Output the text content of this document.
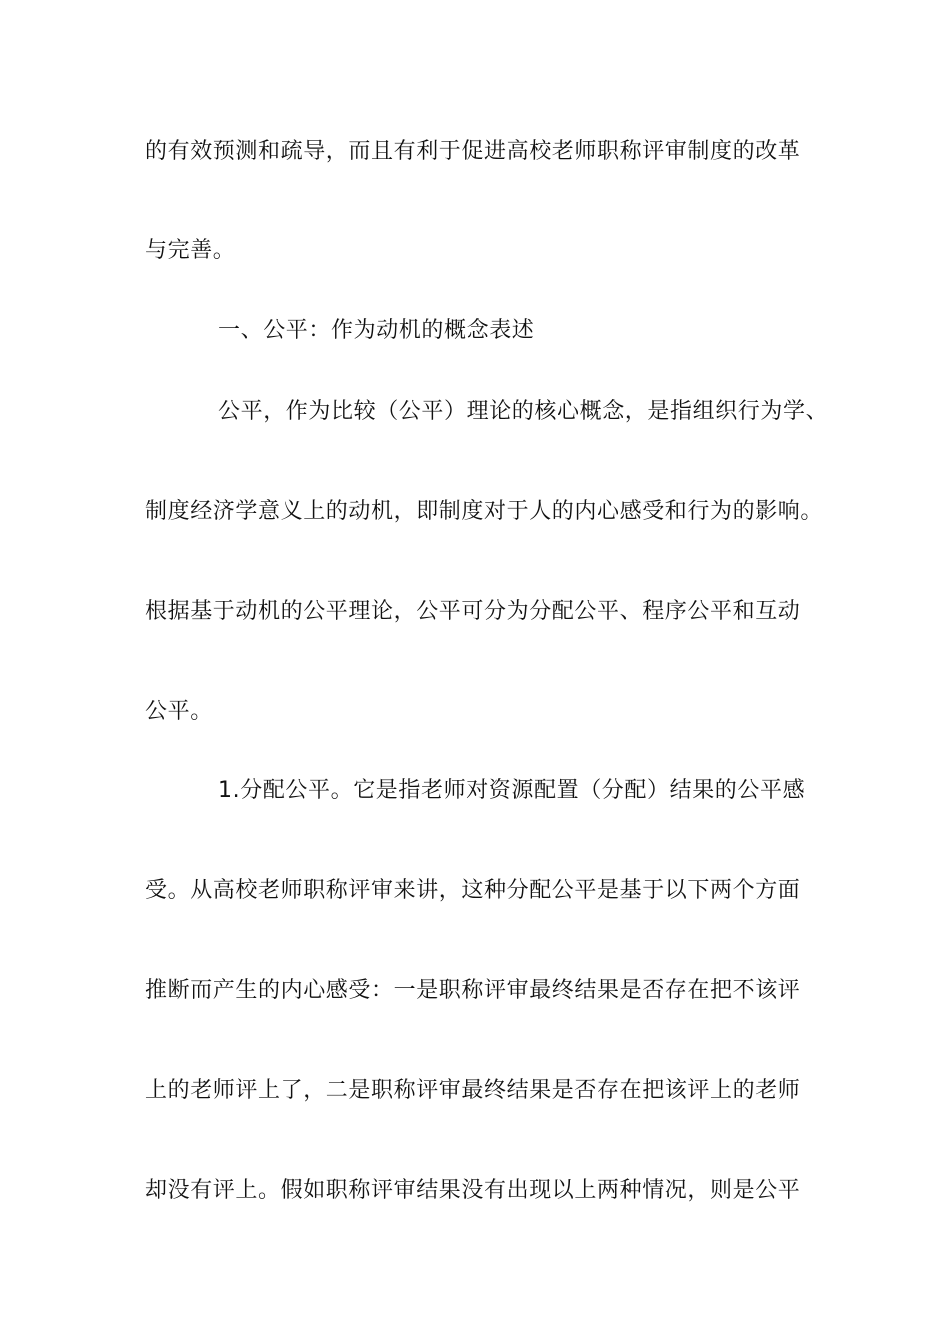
的有效预测和疏导，而且有利于促进高校老师职称评审制度的改革
与完善。
一、公平：作为动机的概念表述
公平，作为比较（公平）理论的核心概念，是指组织行为学、
制度经济学意义上的动机，即制度对于人的内心感受和行为的影响。
根据基于动机的公平理论，公平可分为分配公平、程序公平和互动
公平。
1.分配公平。它是指老师对资源配置（分配）结果的公平感
受。从高校老师职称评审来讲，这种分配公平是基于以下两个方面
推断而产生的内心感受：一是职称评审最终结果是否存在把不该评
上的老师评上了，二是职称评审最终结果是否存在把该评上的老师
却没有评上。假如职称评审结果没有出现以上两种情况，则是公平
